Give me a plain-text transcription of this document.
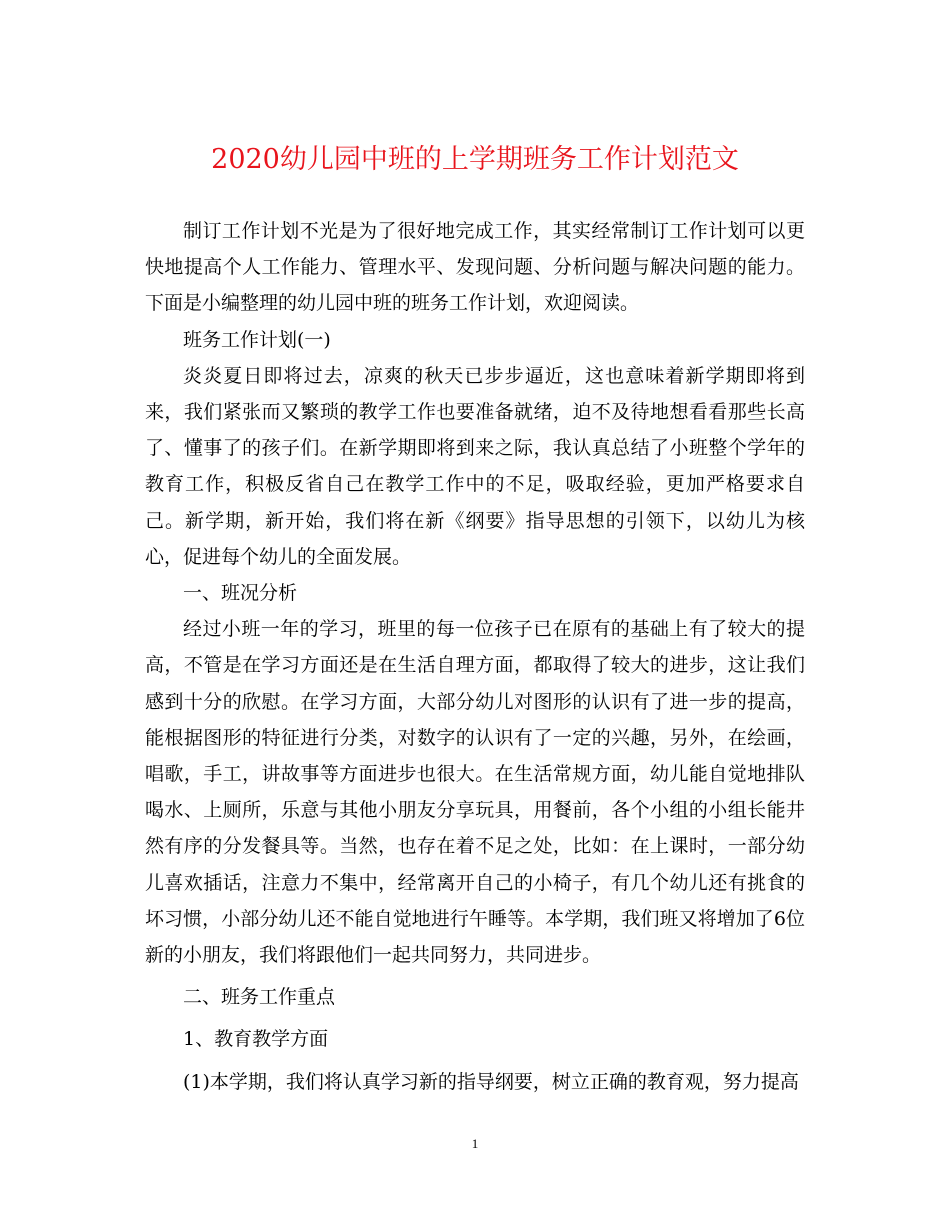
2020幼儿园中班的上学期班务工作计划范文

制订工作计划不光是为了很好地完成工作，其实经常制订工作计划可以更快地提高个人工作能力、管理水平、发现问题、分析问题与解决问题的能力。下面是小编整理的幼儿园中班的班务工作计划，欢迎阅读。

班务工作计划(一)

炎炎夏日即将过去，凉爽的秋天已步步逼近，这也意味着新学期即将到来，我们紧张而又繁琐的教学工作也要准备就绪，迫不及待地想看看那些长高了、懂事了的孩子们。在新学期即将到来之际，我认真总结了小班整个学年的教育工作，积极反省自己在教学工作中的不足，吸取经验，更加严格要求自己。新学期，新开始，我们将在新《纲要》指导思想的引领下，以幼儿为核心，促进每个幼儿的全面发展。

一、班况分析

经过小班一年的学习，班里的每一位孩子已在原有的基础上有了较大的提高，不管是在学习方面还是在生活自理方面，都取得了较大的进步，这让我们感到十分的欣慰。在学习方面，大部分幼儿对图形的认识有了进一步的提高，能根据图形的特征进行分类，对数字的认识有了一定的兴趣，另外，在绘画，唱歌，手工，讲故事等方面进步也很大。在生活常规方面，幼儿能自觉地排队喝水、上厕所，乐意与其他小朋友分享玩具，用餐前，各个小组的小组长能井然有序的分发餐具等。当然，也存在着不足之处，比如：在上课时，一部分幼儿喜欢插话，注意力不集中，经常离开自己的小椅子，有几个幼儿还有挑食的坏习惯，小部分幼儿还不能自觉地进行午睡等。本学期，我们班又将增加了6位新的小朋友，我们将跟他们一起共同努力，共同进步。

二、班务工作重点

1、教育教学方面

(1)本学期，我们将认真学习新的指导纲要，树立正确的教育观，努力提高

1
